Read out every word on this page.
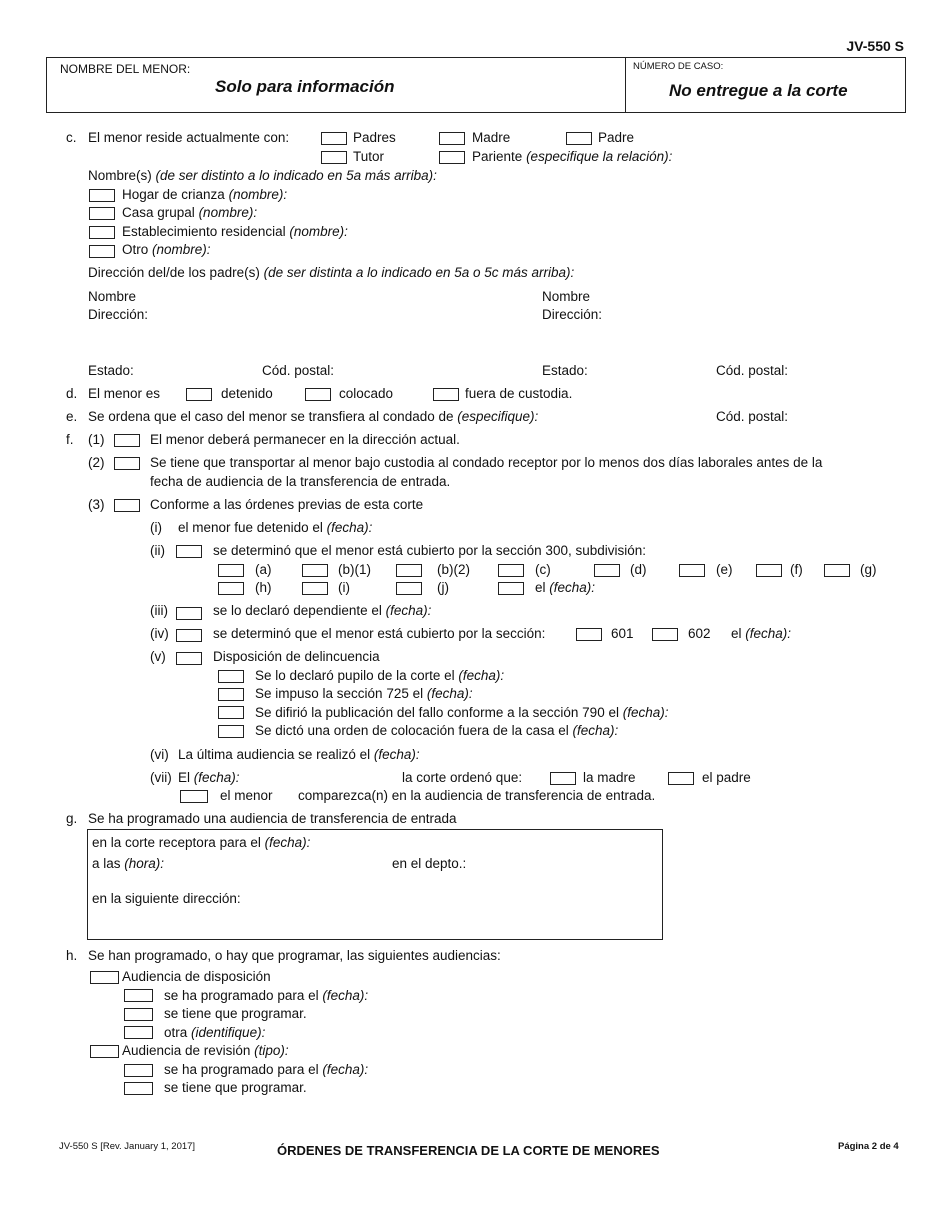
JV-550 S
NOMBRE DEL MENOR:
Solo para información
NÚMERO DE CASO:
No entregue a la corte
c. El menor reside actualmente con:	Padres	Madre	Padre
Tutor	Pariente (especifique la relación):
Nombre(s) (de ser distinto a lo indicado en 5a más arriba):
Hogar de crianza (nombre):
Casa grupal (nombre):
Establecimiento residencial (nombre):
Otro (nombre):
Dirección del/de los padre(s) (de ser distinta a lo indicado en 5a o 5c más arriba):
Nombre
Dirección:
Nombre
Dirección:
Estado:	Cód. postal:	Estado:	Cód. postal:
d. El menor es	detenido	colocado	fuera de custodia.
e. Se ordena que el caso del menor se transfiera al condado de (especifique):	Cód. postal:
f. (1)	El menor deberá permanecer en la dirección actual.
(2)	Se tiene que transportar al menor bajo custodia al condado receptor por lo menos dos días laborales antes de la
fecha de audiencia de la transferencia de entrada.
(3)	Conforme a las órdenes previas de esta corte
(i) el menor fue detenido el (fecha):
(ii)	se determinó que el menor está cubierto por la sección 300, subdivisión:
(a)	(b)(1)	(b)(2)	(c)	(d)	(e)	(f)	(g)
(h)	(i)	(j)	el (fecha):
(iii)	se lo declaró dependiente el (fecha):
(iv)	se determinó que el menor está cubierto por la sección:	601	602 el (fecha):
(v)	Disposición de delincuencia
Se lo declaró pupilo de la corte el (fecha):
Se impuso la sección 725 el (fecha):
Se difirió la publicación del fallo conforme a la sección 790 el (fecha):
Se dictó una orden de colocación fuera de la casa el (fecha):
(vi) La última audiencia se realizó el (fecha):
(vii) El (fecha):	la corte ordenó que:	la madre	el padre
el menor comparezca(n) en la audiencia de transferencia de entrada.
g. Se ha programado una audiencia de transferencia de entrada
en la corte receptora para el (fecha):
a las (hora):	en el depto.:
en la siguiente dirección:
h. Se han programado, o hay que programar, las siguientes audiencias:
Audiencia de disposición
se ha programado para el (fecha):
se tiene que programar.
otra (identifique):
Audiencia de revisión (tipo):
se ha programado para el (fecha):
se tiene que programar.
JV-550 S [Rev. January 1, 2017]	ÓRDENES DE TRANSFERENCIA DE LA CORTE DE MENORES	Página 2 de 4
